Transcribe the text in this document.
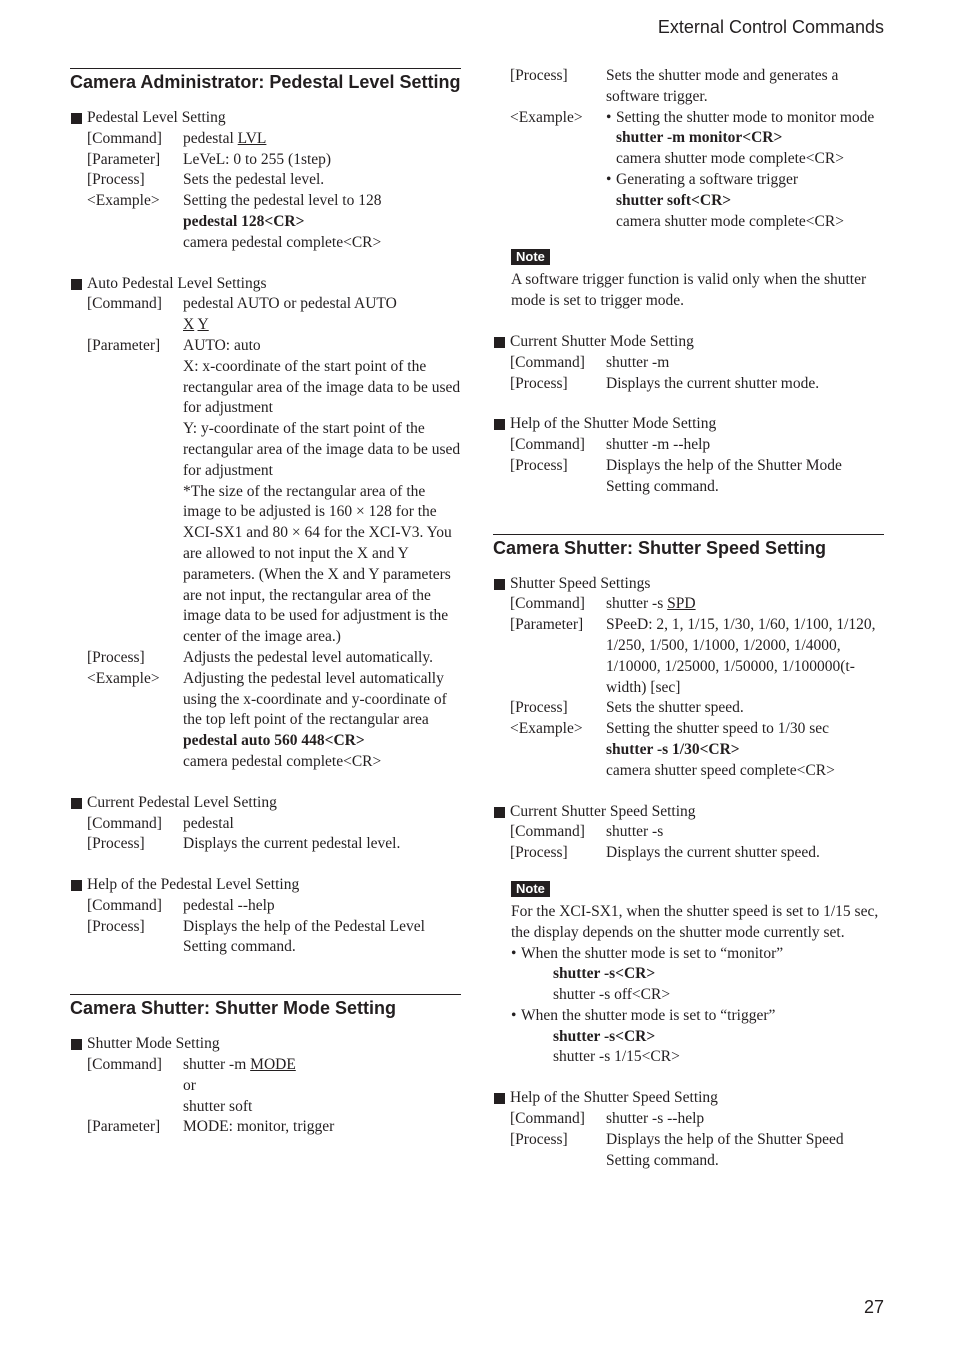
External Control Commands
Camera Administrator: Pedestal Level Setting
Pedestal Level Setting
[Command]	pedestal LVL
[Parameter]	LeVeL: 0 to 255 (1step)
[Process]	Sets the pedestal level.
<Example>	Setting the pedestal level to 128
pedestal 128<CR>
camera pedestal complete<CR>
Auto Pedestal Level Settings
[Command]	pedestal AUTO or pedestal AUTO
X Y
[Parameter]	AUTO: auto
X: x-coordinate of the start point of the rectangular area of the image data to be used for adjustment
Y: y-coordinate of the start point of the rectangular area of the image data to be used for adjustment
*The size of the rectangular area of the image to be adjusted is 160 × 128 for the XCI-SX1 and 80 × 64 for the XCI-V3. You are allowed to not input the X and Y parameters. (When the X and Y parameters are not input, the rectangular area of the image data to be used for adjustment is the center of the image area.)
[Process]	Adjusts the pedestal level automatically.
<Example>	Adjusting the pedestal level automatically using the x-coordinate and y-coordinate of the top left point of the rectangular area
pedestal auto 560 448<CR>
camera pedestal complete<CR>
Current Pedestal Level Setting
[Command]	pedestal
[Process]	Displays the current pedestal level.
Help of the Pedestal Level Setting
[Command]	pedestal --help
[Process]	Displays the help of the Pedestal Level Setting command.
Camera Shutter: Shutter Mode Setting
Shutter Mode Setting
[Command]	shutter -m MODE
or
shutter soft
[Parameter]	MODE: monitor, trigger
[Process]	Sets the shutter mode and generates a software trigger.
<Example>
•	Setting the shutter mode to monitor mode
shutter -m monitor<CR>
camera shutter mode complete<CR>
• Generating a software trigger
shutter soft<CR>
camera shutter mode complete<CR>
Note
A software trigger function is valid only when the shutter mode is set to trigger mode.
Current Shutter Mode Setting
[Command]	shutter -m
[Process]	Displays the current shutter mode.
Help of the Shutter Mode Setting
[Command]	shutter -m --help
[Process]	Displays the help of the Shutter Mode Setting command.
Camera Shutter: Shutter Speed Setting
Shutter Speed Settings
[Command]	shutter -s SPD
[Parameter]	SPeeD: 2, 1, 1/15, 1/30, 1/60, 1/100, 1/120, 1/250, 1/500, 1/1000, 1/2000, 1/4000, 1/10000, 1/25000, 1/50000, 1/100000(t-width) [sec]
[Process]	Sets the shutter speed.
<Example>	Setting the shutter speed to 1/30 sec
shutter -s 1/30<CR>
camera shutter speed complete<CR>
Current Shutter Speed Setting
[Command]	shutter -s
[Process]	Displays the current shutter speed.
Note
For the XCI-SX1, when the shutter speed is set to 1/15 sec, the display depends on the shutter mode currently set.
• When the shutter mode is set to “monitor”
shutter -s<CR>
shutter -s off<CR>
• When the shutter mode is set to “trigger”
shutter -s<CR>
shutter -s 1/15<CR>
Help of the Shutter Speed Setting
[Command]	shutter -s --help
[Process]	Displays the help of the Shutter Speed Setting command.
27
